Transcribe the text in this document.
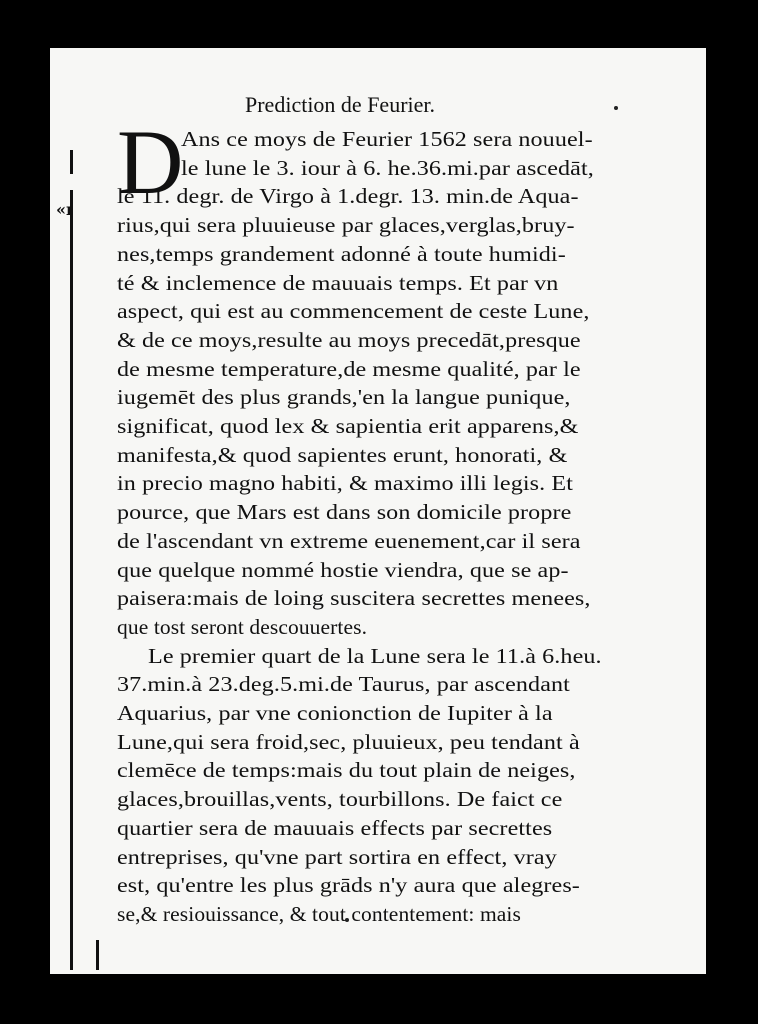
«ı
Prediction de Feurier.
D
Ans ce moys de Feurier 1562 sera nouuel-
le lune le 3. iour à 6. he.36.mi.par ascedāt,
le 11. degr. de Virgo à 1.degr. 13. min.de Aqua-
rius,qui sera pluuieuse par glaces,verglas,bruy-
nes,temps grandement adonné à toute humidi-
té & inclemence de mauuais temps. Et par vn
aspect, qui est au commencement de ceste Lune,
& de ce moys,resulte au moys precedāt,presque
de mesme temperature,de mesme qualité, par le
iugemēt des plus grands,'en la langue punique,
significat, quod lex & sapientia erit apparens,&
manifesta,& quod sapientes erunt, honorati, &
in precio magno habiti, & maximo illi legis. Et
pource, que Mars est dans son domicile propre
de l'ascendant vn extreme euenement,car il sera
que quelque nommé hostie viendra, que se ap-
paisera:mais de loing suscitera secrettes menees,
que tost seront descouuertes.
Le premier quart de la Lune sera le 11.à 6.heu.
37.min.à 23.deg.5.mi.de Taurus, par ascendant
Aquarius, par vne conionction de Iupiter à la
Lune,qui sera froid,sec, pluuieux, peu tendant à
clemēce de temps:mais du tout plain de neiges,
glaces,brouillas,vents, tourbillons. De faict ce
quartier sera de mauuais effects par secrettes
entreprises, qu'vne part sortira en effect, vray
est, qu'entre les plus grāds n'y aura que alegres-
se,& resiouissance, & tout contentement: mais
